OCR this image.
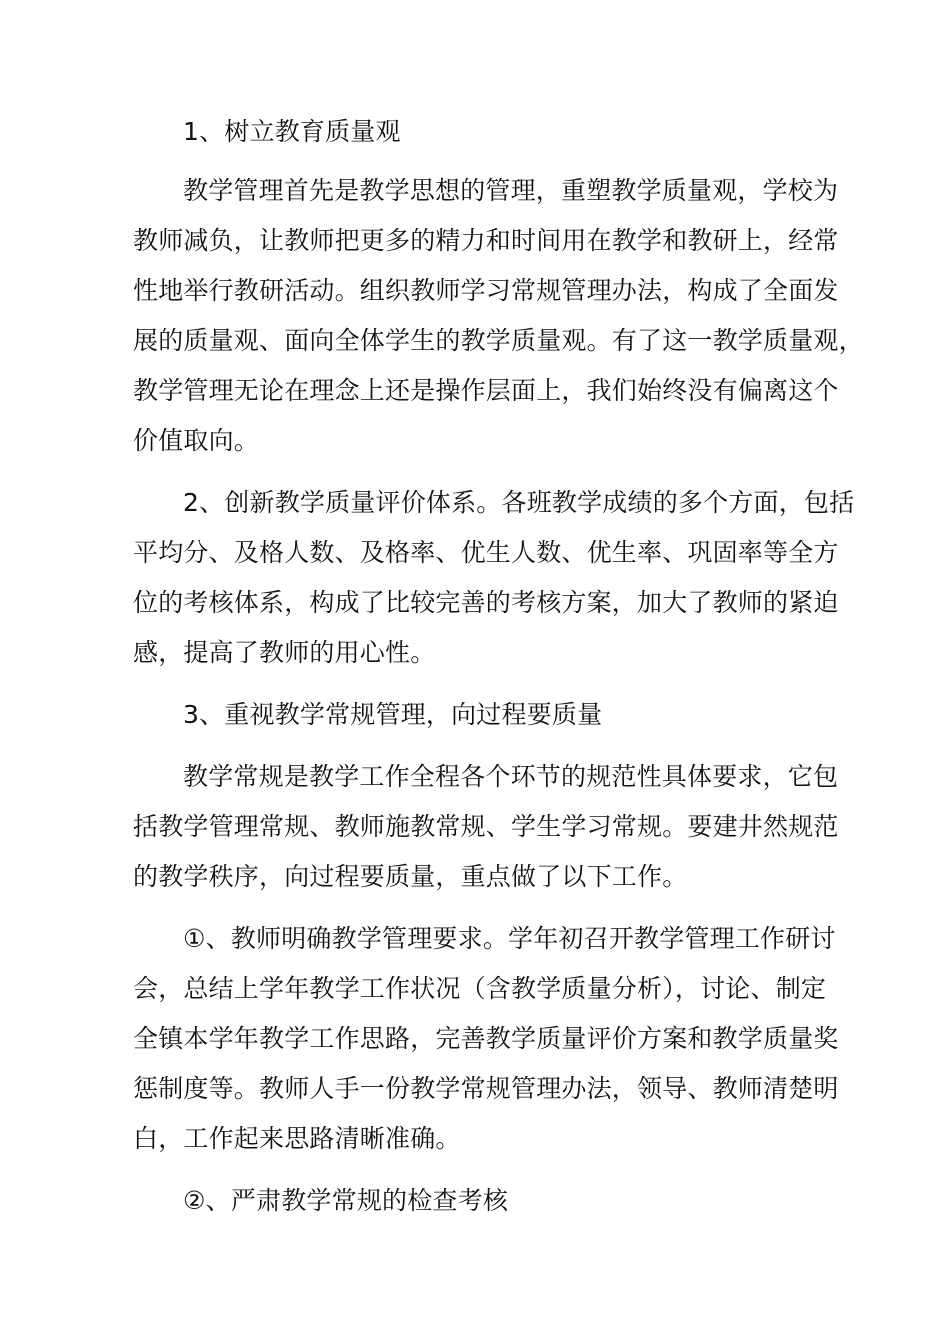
1、树立教育质量观
教学管理首先是教学思想的管理，重塑教学质量观，学校为
教师减负，让教师把更多的精力和时间用在教学和教研上，经常
性地举行教研活动。组织教师学习常规管理办法，构成了全面发
展的质量观、面向全体学生的教学质量观。有了这一教学质量观，
教学管理无论在理念上还是操作层面上，我们始终没有偏离这个
价值取向。
2、创新教学质量评价体系。各班教学成绩的多个方面，包括
平均分、及格人数、及格率、优生人数、优生率、巩固率等全方
位的考核体系，构成了比较完善的考核方案，加大了教师的紧迫
感，提高了教师的用心性。
3、重视教学常规管理，向过程要质量
教学常规是教学工作全程各个环节的规范性具体要求，它包
括教学管理常规、教师施教常规、学生学习常规。要建井然规范
的教学秩序，向过程要质量，重点做了以下工作。
①、教师明确教学管理要求。学年初召开教学管理工作研讨
会，总结上学年教学工作状况（含教学质量分析），讨论、制定
全镇本学年教学工作思路，完善教学质量评价方案和教学质量奖
惩制度等。教师人手一份教学常规管理办法，领导、教师清楚明
白，工作起来思路清晰准确。
②、严肃教学常规的检查考核
